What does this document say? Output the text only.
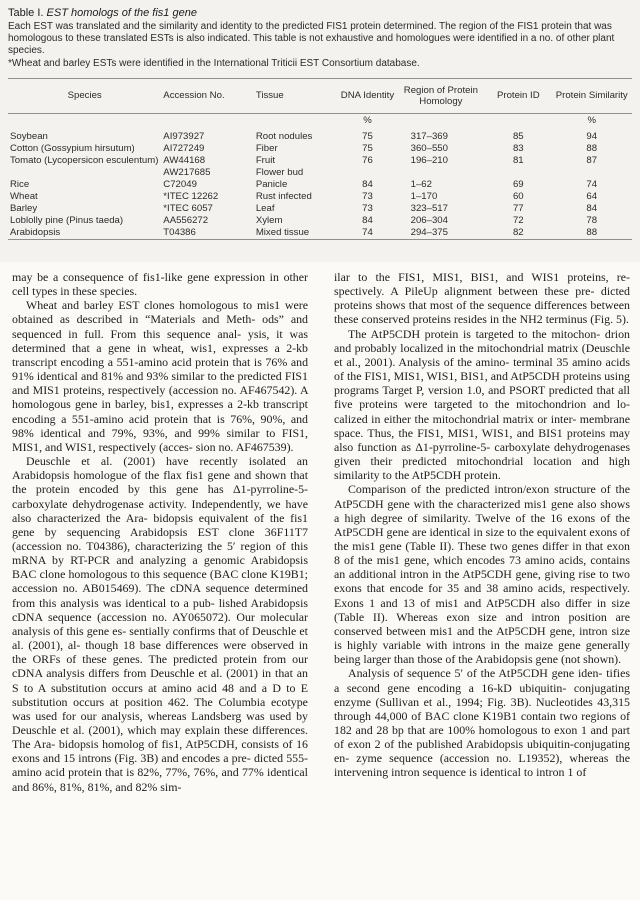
Table I. EST homologs of the fis1 gene
Each EST was translated and the similarity and identity to the predicted FIS1 protein determined. The region of the FIS1 protein that was
homologous to these translated ESTs is also indicated. This table is not exhaustive and homologues were identified in a no. of other plant species.
*Wheat and barley ESTs were identified in the International Triticii EST Consortium database.
Species	Accession No.	Tissue	DNA Identity	Region of Protein Homology	Protein ID	Protein Similarity
			%			%
Soybean	AI973927	Root nodules	75	317–369	85	94
Cotton (Gossypium hirsutum)	AI727249	Fiber	75	360–550	83	88
Tomato (Lycopersicon esculentum)	AW44168	Fruit	76	196–210	81	87
	AW217685	Flower bud				
Rice	C72049	Panicle	84	1–62	69	74
Wheat	*ITEC 12262	Rust infected	73	1–170	60	64
Barley	*ITEC 6057	Leaf	73	323–517	77	84
Loblolly pine (Pinus taeda)	AA556272	Xylem	84	206–304	72	78
Arabidopsis	T04386	Mixed tissue	74	294–375	82	88

may be a consequence of fis1-like gene expression in other cell types in these species.

Wheat and barley EST clones homologous to mis1 were obtained as described in “Materials and Meth- ods” and sequenced in full. From this sequence anal- ysis, it was determined that a gene in wheat, wis1, expresses a 2-kb transcript encoding a 551-amino acid protein that is 76% and 91% identical and 81% and 93% similar to the predicted FIS1 and MIS1 proteins, respectively (accession no. AF467542). A homologous gene in barley, bis1, expresses a 2-kb transcript encoding a 551-amino acid protein that is 76%, 90%, and 98% identical and 79%, 93%, and 99% similar to FIS1, MIS1, and WIS1, respectively (acces- sion no. AF467539).

Deuschle et al. (2001) have recently isolated an Arabidopsis homologue of the flax fis1 gene and shown that the protein encoded by this gene has Δ1-pyrroline-5-carboxylate dehydrogenase activity. Independently, we have also characterized the Ara- bidopsis equivalent of the fis1 gene by sequencing Arabidopsis EST clone 36F11T7 (accession no. T04386), characterizing the 5′ region of this mRNA by RT-PCR and analyzing a genomic Arabidopsis BAC clone homologous to this sequence (BAC clone K19B1; accession no. AB015469). The cDNA sequence determined from this analysis was identical to a pub- lished Arabidopsis cDNA sequence (accession no. AY065072). Our molecular analysis of this gene es- sentially confirms that of Deuschle et al. (2001), al- though 18 base differences were observed in the ORFs of these genes. The predicted protein from our cDNA analysis differs from Deuschle et al. (2001) in that an S to A substitution occurs at amino acid 48 and a D to E substitution occurs at position 462. The Columbia ecotype was used for our analysis, whereas Landsberg was used by Deuschle et al. (2001), which may explain these differences. The Ara- bidopsis homolog of fis1, AtP5CDH, consists of 16 exons and 15 introns (Fig. 3B) and encodes a pre- dicted 555-amino acid protein that is 82%, 77%, 76%, and 77% identical and 86%, 81%, 81%, and 82% sim-

ilar to the FIS1, MIS1, BIS1, and WIS1 proteins, re- spectively. A PileUp alignment between these pre- dicted proteins shows that most of the sequence differences between these conserved proteins resides in the NH2 terminus (Fig. 5).

The AtP5CDH protein is targeted to the mitochon- drion and probably localized in the mitochondrial matrix (Deuschle et al., 2001). Analysis of the amino- terminal 35 amino acids of the FIS1, MIS1, WIS1, BIS1, and AtP5CDH proteins using programs Target P, version 1.0, and PSORT predicted that all five proteins were targeted to the mitochondrion and lo- calized in either the mitochondrial matrix or inter- membrane space. Thus, the FIS1, MIS1, WIS1, and BIS1 proteins may also function as Δ1-pyrroline-5- carboxylate dehydrogenases given their predicted mitochondrial location and high similarity to the AtP5CDH protein.

Comparison of the predicted intron/exon structure of the AtP5CDH gene with the characterized mis1 gene also shows a high degree of similarity. Twelve of the 16 exons of the AtP5CDH gene are identical in size to the equivalent exons of the mis1 gene (Table II). These two genes differ in that exon 8 of the mis1 gene, which encodes 73 amino acids, contains an additional intron in the AtP5CDH gene, giving rise to two exons that encode for 35 and 38 amino acids, respectively. Exons 1 and 13 of mis1 and AtP5CDH also differ in size (Table II). Whereas exon size and intron position are conserved between mis1 and the AtP5CDH gene, intron size is highly variable with introns in the maize gene generally being larger than those of the Arabidopsis gene (not shown).

Analysis of sequence 5′ of the AtP5CDH gene iden- tifies a second gene encoding a 16-kD ubiquitin- conjugating enzyme (Sullivan et al., 1994; Fig. 3B). Nucleotides 43,315 through 44,000 of BAC clone K19B1 contain two regions of 182 and 28 bp that are 100% homologous to exon 1 and part of exon 2 of the published Arabidopsis ubiquitin-conjugating en- zyme sequence (accession no. L19352), whereas the intervening intron sequence is identical to intron 1 of
